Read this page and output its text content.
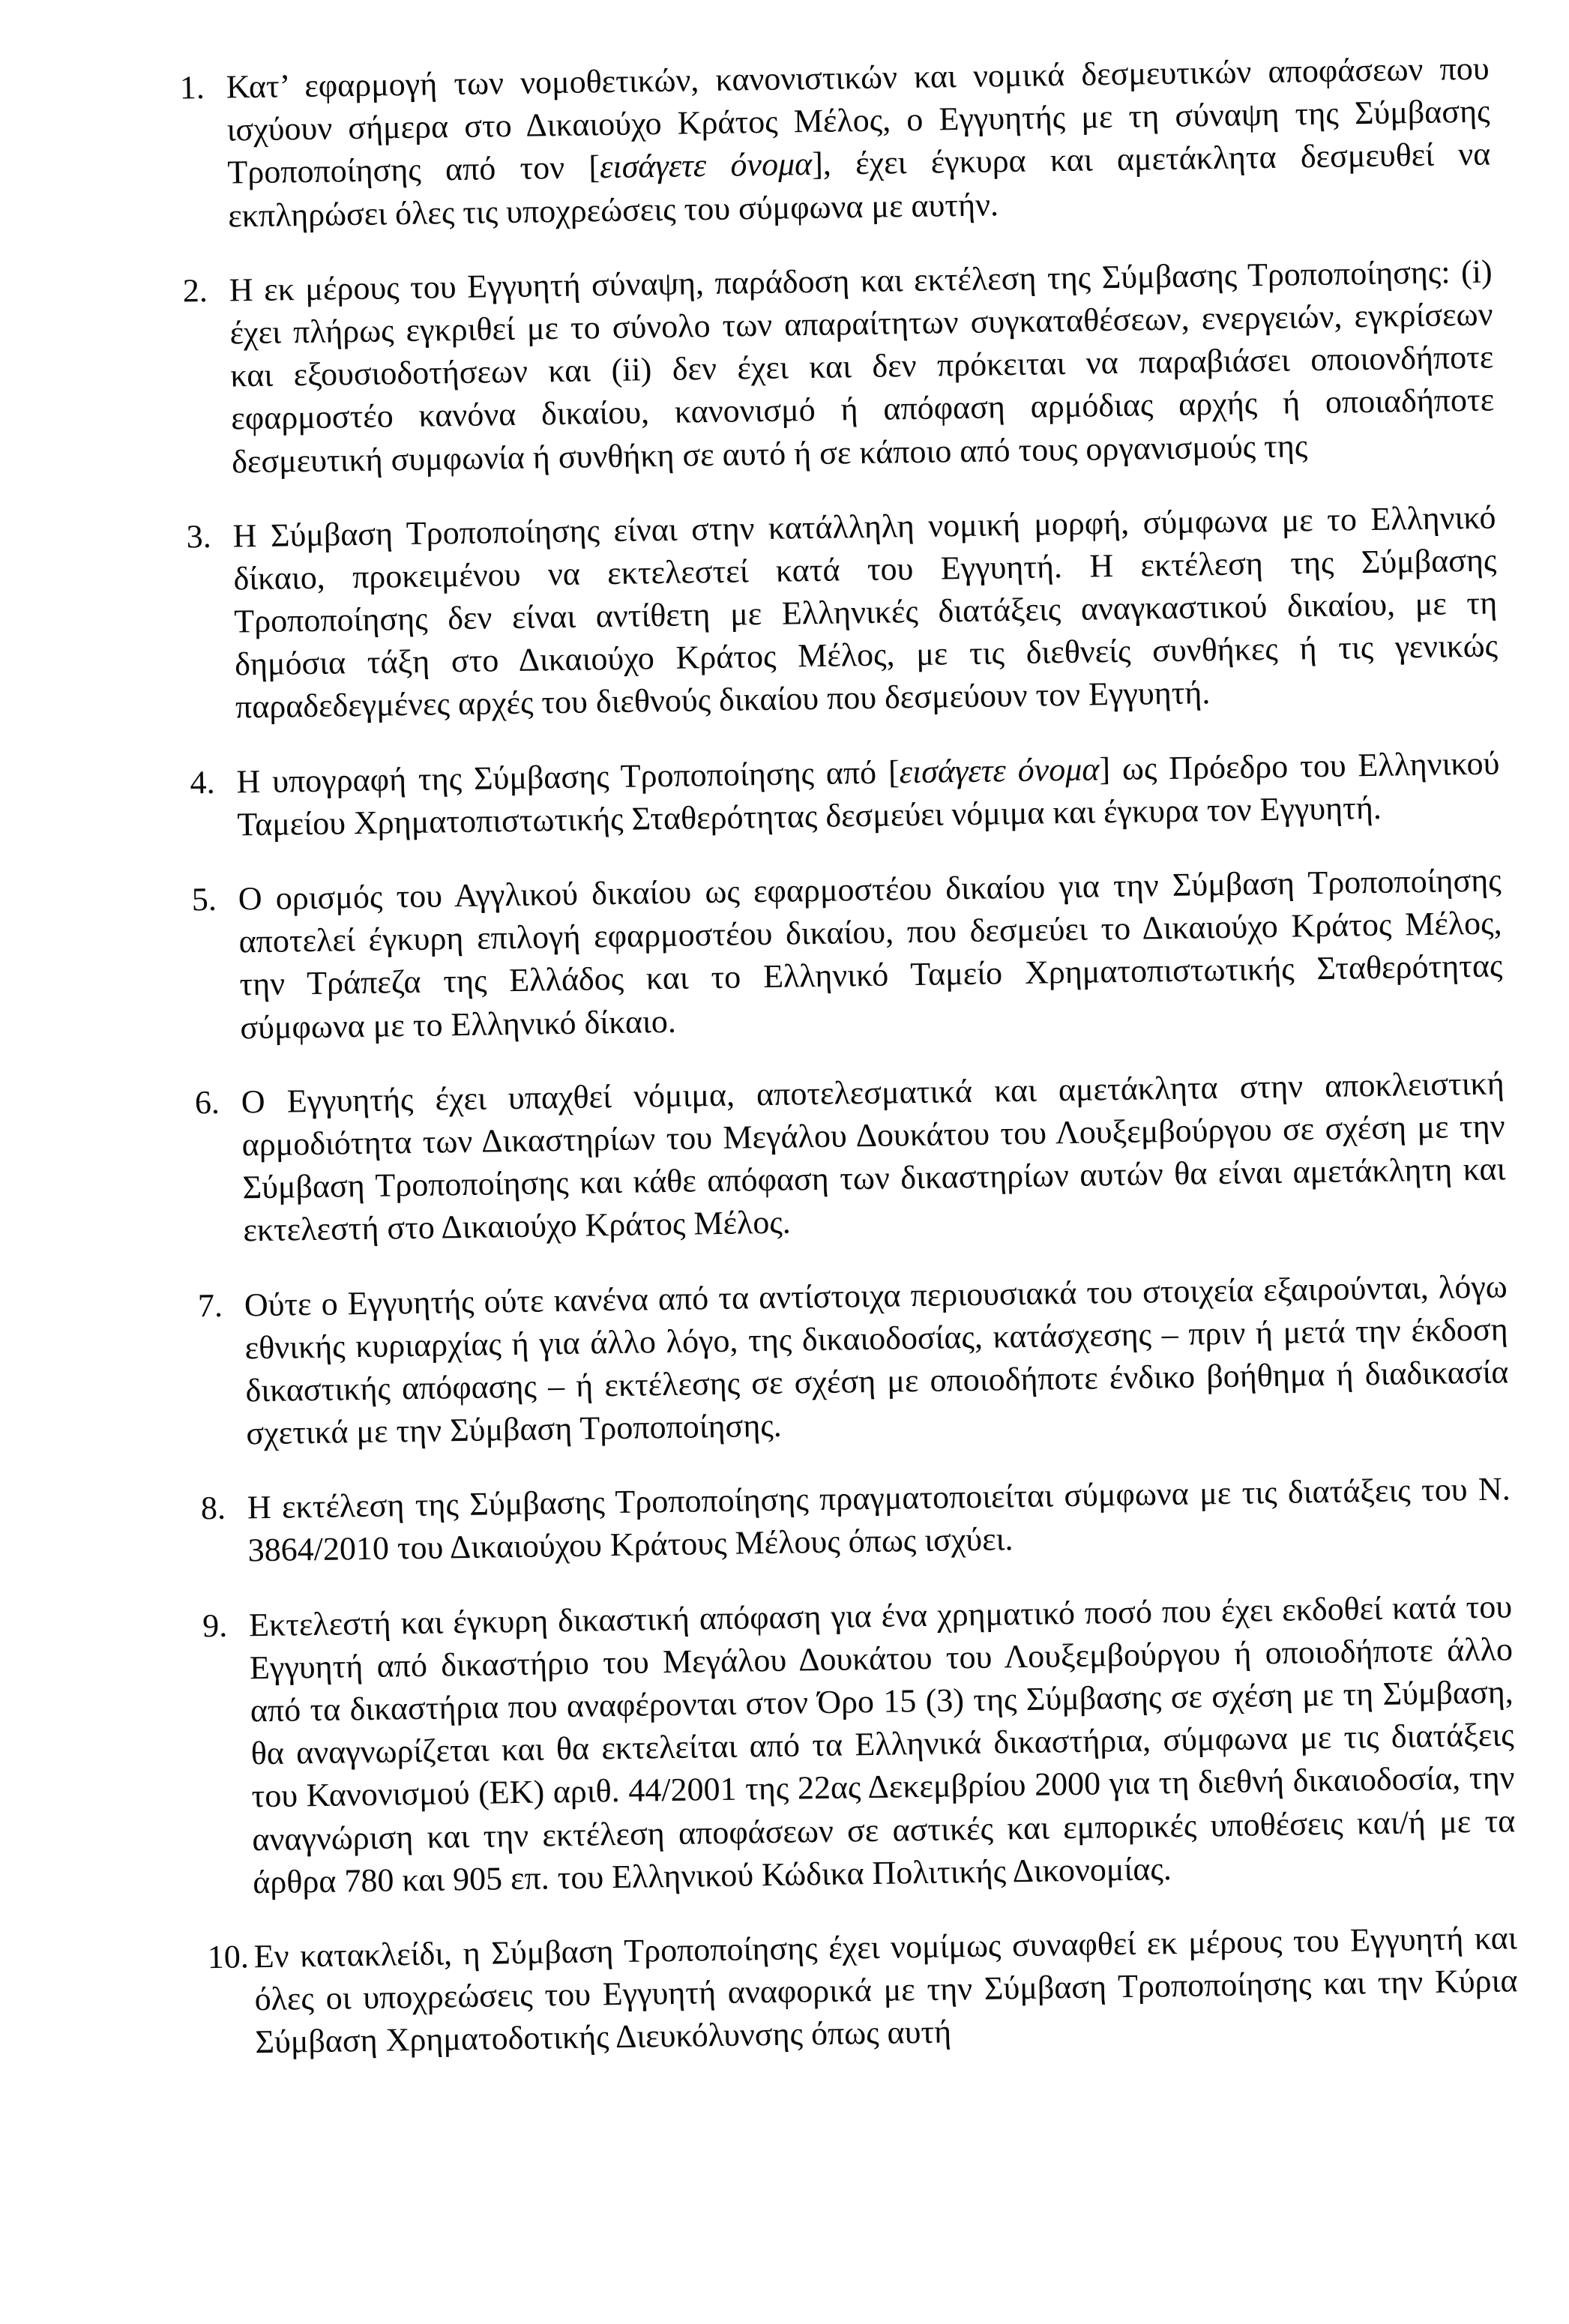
1. Κατ’ εφαρμογή των νομοθετικών, κανονιστικών και νομικά δεσμευτικών αποφάσεων που ισχύουν σήμερα στο Δικαιούχο Κράτος Μέλος, ο Εγγυητής με τη σύναψη της Σύμβασης Τροποποίησης από τον [εισάγετε όνομα], έχει έγκυρα και αμετάκλητα δεσμευθεί να εκπληρώσει όλες τις υποχρεώσεις του σύμφωνα με αυτήν.
2. Η εκ μέρους του Εγγυητή σύναψη, παράδοση και εκτέλεση της Σύμβασης Τροποποίησης: (i) έχει πλήρως εγκριθεί με το σύνολο των απαραίτητων συγκαταθέσεων, ενεργειών, εγκρίσεων και εξουσιοδοτήσεων και (ii) δεν έχει και δεν πρόκειται να παραβιάσει οποιονδήποτε εφαρμοστέο κανόνα δικαίου, κανονισμό ή απόφαση αρμόδιας αρχής ή οποιαδήποτε δεσμευτική συμφωνία ή συνθήκη σε αυτό ή σε κάποιο από τους οργανισμούς της
3. Η Σύμβαση Τροποποίησης είναι στην κατάλληλη νομική μορφή, σύμφωνα με το Ελληνικό δίκαιο, προκειμένου να εκτελεστεί κατά του Εγγυητή. Η εκτέλεση της Σύμβασης Τροποποίησης δεν είναι αντίθετη με Ελληνικές διατάξεις αναγκαστικού δικαίου, με τη δημόσια τάξη στο Δικαιούχο Κράτος Μέλος, με τις διεθνείς συνθήκες ή τις γενικώς παραδεδεγμένες αρχές του διεθνούς δικαίου που δεσμεύουν τον Εγγυητή.
4. Η υπογραφή της Σύμβασης Τροποποίησης από [εισάγετε όνομα] ως Πρόεδρο του Ελληνικού Ταμείου Χρηματοπιστωτικής Σταθερότητας δεσμεύει νόμιμα και έγκυρα τον Εγγυητή.
5. Ο ορισμός του Αγγλικού δικαίου ως εφαρμοστέου δικαίου για την Σύμβαση Τροποποίησης αποτελεί έγκυρη επιλογή εφαρμοστέου δικαίου, που δεσμεύει το Δικαιούχο Κράτος Μέλος, την Τράπεζα της Ελλάδος και το Ελληνικό Ταμείο Χρηματοπιστωτικής Σταθερότητας σύμφωνα με το Ελληνικό δίκαιο.
6. Ο Εγγυητής έχει υπαχθεί νόμιμα, αποτελεσματικά και αμετάκλητα στην αποκλειστική αρμοδιότητα των Δικαστηρίων του Μεγάλου Δουκάτου του Λουξεμβούργου σε σχέση με την Σύμβαση Τροποποίησης και κάθε απόφαση των δικαστηρίων αυτών θα είναι αμετάκλητη και εκτελεστή στο Δικαιούχο Κράτος Μέλος.
7. Ούτε ο Εγγυητής ούτε κανένα από τα αντίστοιχα περιουσιακά του στοιχεία εξαιρούνται, λόγω εθνικής κυριαρχίας ή για άλλο λόγο, της δικαιοδοσίας, κατάσχεσης – πριν ή μετά την έκδοση δικαστικής απόφασης – ή εκτέλεσης σε σχέση με οποιοδήποτε ένδικο βοήθημα ή διαδικασία σχετικά με την Σύμβαση Τροποποίησης.
8. Η εκτέλεση της Σύμβασης Τροποποίησης πραγματοποιείται σύμφωνα με τις διατάξεις του Ν. 3864/2010 του Δικαιούχου Κράτους Μέλους όπως ισχύει.
9. Εκτελεστή και έγκυρη δικαστική απόφαση για ένα χρηματικό ποσό που έχει εκδοθεί κατά του Εγγυητή από δικαστήριο του Μεγάλου Δουκάτου του Λουξεμβούργου ή οποιοδήποτε άλλο από τα δικαστήρια που αναφέρονται στον Όρο 15 (3) της Σύμβασης σε σχέση με τη Σύμβαση, θα αναγνωρίζεται και θα εκτελείται από τα Ελληνικά δικαστήρια, σύμφωνα με τις διατάξεις του Κανονισμού (ΕΚ) αριθ. 44/2001 της 22ας Δεκεμβρίου 2000 για τη διεθνή δικαιοδοσία, την αναγνώριση και την εκτέλεση αποφάσεων σε αστικές και εμπορικές υποθέσεις και/ή με τα άρθρα 780 και 905 επ. του Ελληνικού Κώδικα Πολιτικής Δικονομίας.
10. Εν κατακλείδι, η Σύμβαση Τροποποίησης έχει νομίμως συναφθεί εκ μέρους του Εγγυητή και όλες οι υποχρεώσεις του Εγγυητή αναφορικά με την Σύμβαση Τροποποίησης και την Κύρια Σύμβαση Χρηματοδοτικής Διευκόλυνσης όπως αυτή
